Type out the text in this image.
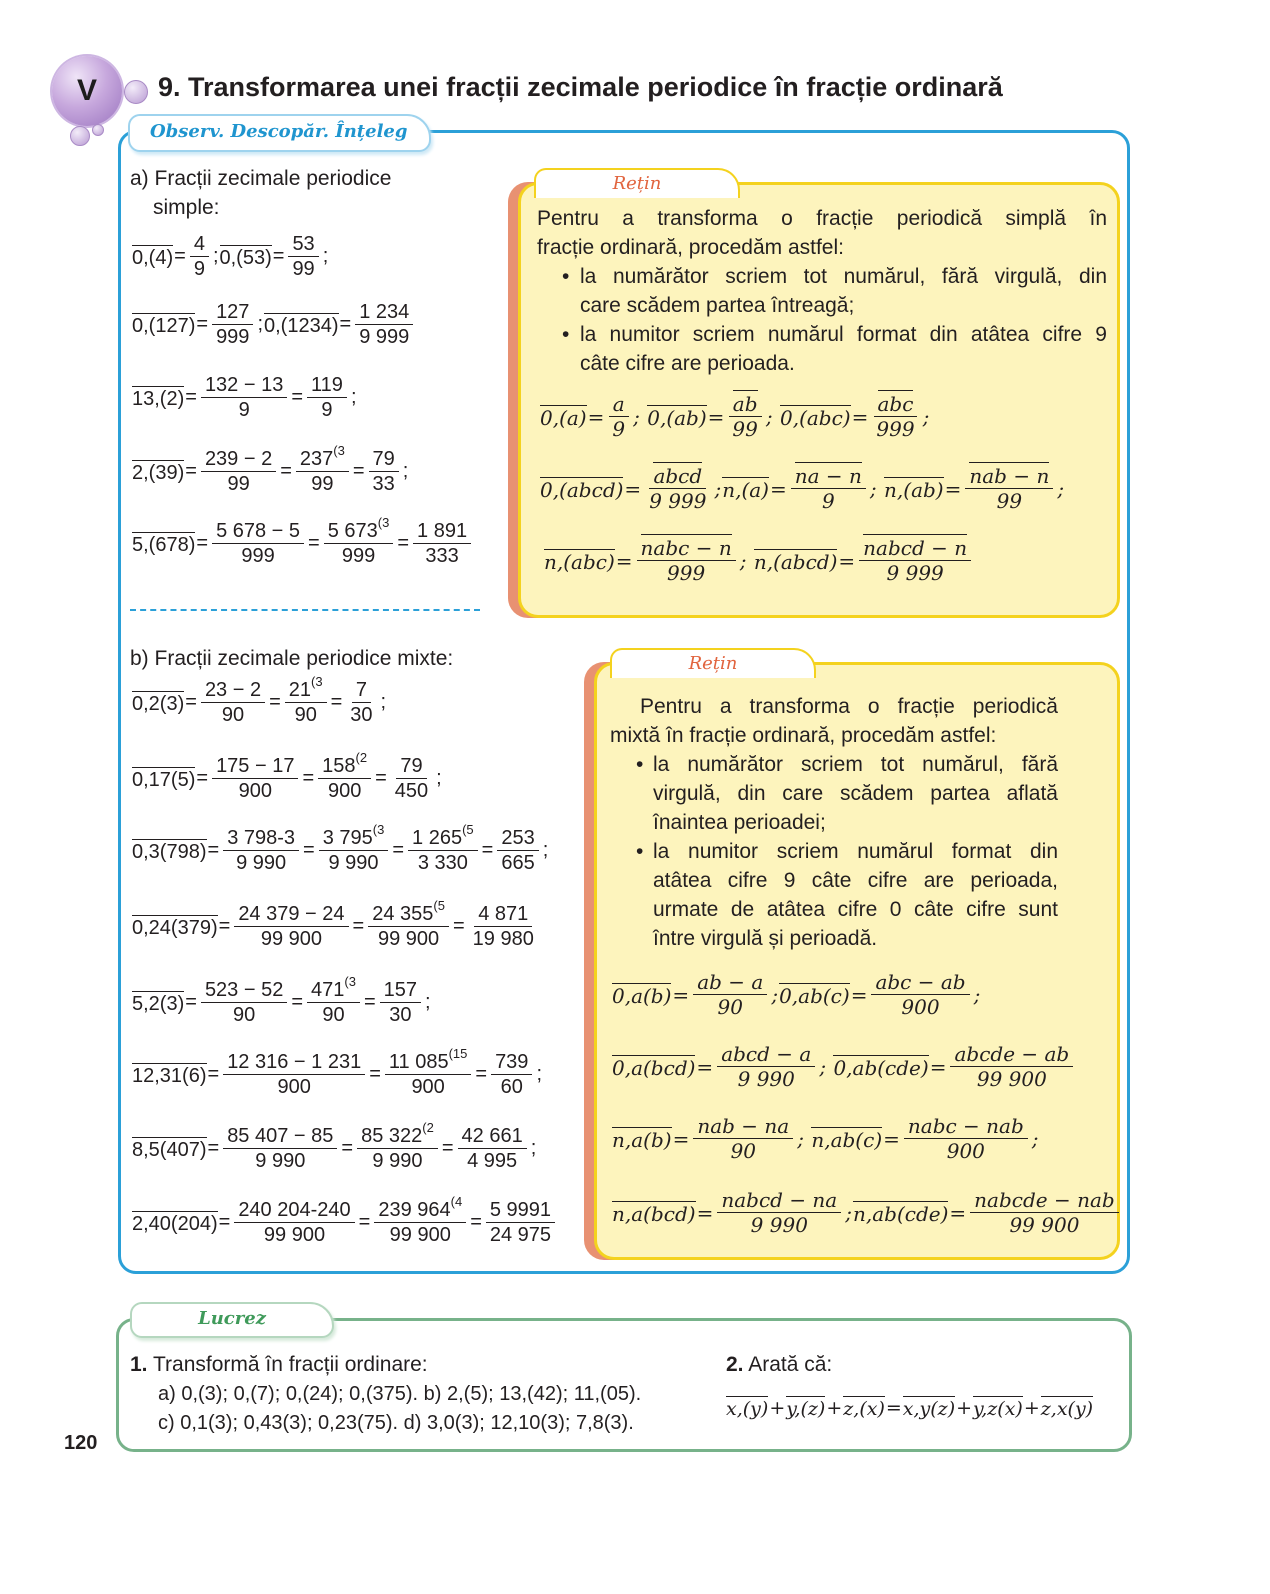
V 9. Transformarea unei fracții zecimale periodice în fracție ordinară
Observ. Descopăr. Înțeleg
a) Fracții zecimale periodice
simple:
$0,(4) = \frac{4}{9}$ ; $0,(53) = \frac{53}{99}$ ;
$0,(127) = \frac{127}{999}$ ; $0,(1234) = \frac{1 234}{9 999}$
$13,(2) = \frac{132 - 13}{9} = \frac{119}{9}$ ;
$2,(39) = \frac{239 - 2}{99} = \frac{237^{(3}}{99} = \frac{79}{33}$ ;
$5,(678) = \frac{5 678 - 5}{999} = \frac{5 673^{(3}}{999} = \frac{1 891}{333}$
Rețin
Pentru a transforma o fracție periodică simplă în
fracție ordinară, procedăm astfel:
• la numărător scriem tot numărul, fără virgulă, din
care scădem partea întreagă;
• la numitor scriem numărul format din atâtea cifre 9
câte cifre are perioada.
$0,(a) = \frac{a}{9}$ ; $0,(ab) = \frac{ab}{99}$ ; $0,(abc) = \frac{\text{abc}}{999}$ ;
0,(abcd) = $\frac{\text{abcd}}{9 999}$ ; $n,(a) = \frac{na - n}{9}$ ; $n,(ab) = \frac{\text{nab − n}}{99}$ ;
$n,(abc) = \frac{\text{nabc − n}}{999}$ ; n,(abcd) = $\frac{\text{nabcd − n}}{9 999}$
b) Fracții zecimale periodice mixte:
$0,2(3) = \frac{23 - 2}{90} = \frac{21^{(3}}{90} = \frac{7}{30}$ ;
$0,17(5) = \frac{175 - 17}{900} = \frac{158^{(2}}{900} = \frac{79}{450}$ ;
$0,3(798) = \frac{3 798-3}{9 990} = \frac{3 795^{(3}}{9 990} = \frac{1 265^{(5}}{3 330} = \frac{253}{665}$ ;
$0,24(379) = \frac{24 379 - 24}{99 900} = \frac{24 355^{(5}}{99 900} = \frac{4 871}{19 980}$
$5,2(3) = \frac{523 - 52}{90} = \frac{471^{(3}}{90} = \frac{157}{30}$ ;
$12,31(6) = \frac{12 316 - 1 231}{900} = \frac{11 085^{(15}}{900} = \frac{739}{60}$ ;
$8,5(407) = \frac{85 407 - 85}{9 990} = \frac{85 322^{(2}}{9 990} = \frac{42 661}{4 995}$ ;
$2,40(204) = \frac{240 204-240}{99 900} = \frac{239 964^{(4}}{99 900} = \frac{5 9991}{24 975}$
Rețin
Pentru a transforma o fracție periodică
mixtă în fracție ordinară, procedăm astfel:
• la numărător scriem tot numărul, fără
virgulă, din care scădem partea aflată
înaintea perioadei;
• la numitor scriem numărul format din
atâtea cifre 9 câte cifre are perioada,
urmate de atâtea cifre 0 câte cifre sunt
între virgulă și perioadă.
$0,a(b) = \frac{ab - a}{90}$ ; $0,ab(c) = \frac{\text{abc − ab}}{900}$ ;
$0,a(bcd) = \frac{\text{abcd − a}}{9 990}$ ; $0,ab(cde) = \frac{\text{abcde − ab}}{99 900}$
$n,a(b) = \frac{\text{nab − na}}{90}$ ; $n,ab(c) = \frac{\text{nabc − nab}}{900}$ ;
$n,a(bcd) = \frac{\text{nabcd − na}}{9 990}$ ; $n,ab(cde) = \frac{\text{nabcde − nab}}{99 900}$
Lucrez
1. Transformă în fracții ordinare:
a) 0,(3); 0,(7); 0,(24); 0,(375). b) 2,(5); 13,(42); 11,(05).
c) 0,1(3); 0,43(3); 0,23(75). d) 3,0(3); 12,10(3); 7,8(3).
2. Arată că:
x,(y) + y,(z) + z,(x) = x,y(z) + y,z(x) + z,x(y)
120
